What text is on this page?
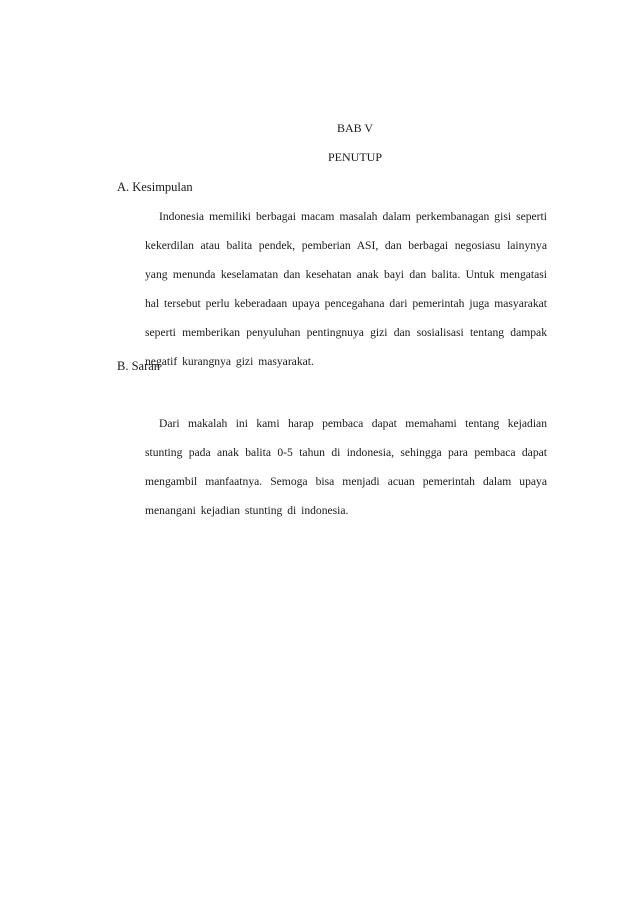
BAB V
PENUTUP
A. Kesimpulan

Indonesia memiliki berbagai macam masalah dalam perkembanagan gisi seperti kekerdilan atau balita pendek, pemberian ASI, dan berbagai negosiasu lainynya yang menunda keselamatan dan kesehatan anak bayi dan balita. Untuk mengatasi hal tersebut perlu keberadaan upaya pencegahana dari pemerintah juga masyarakat seperti memberikan penyuluhan pentingnuya gizi dan sosialisasi tentang dampak negatif kurangnya gizi masyarakat.

B. Saran

Dari makalah ini kami harap pembaca dapat memahami tentang kejadian stunting pada anak balita 0-5 tahun di indonesia, sehingga para pembaca dapat mengambil manfaatnya. Semoga bisa menjadi acuan pemerintah dalam upaya menangani kejadian stunting di indonesia.
